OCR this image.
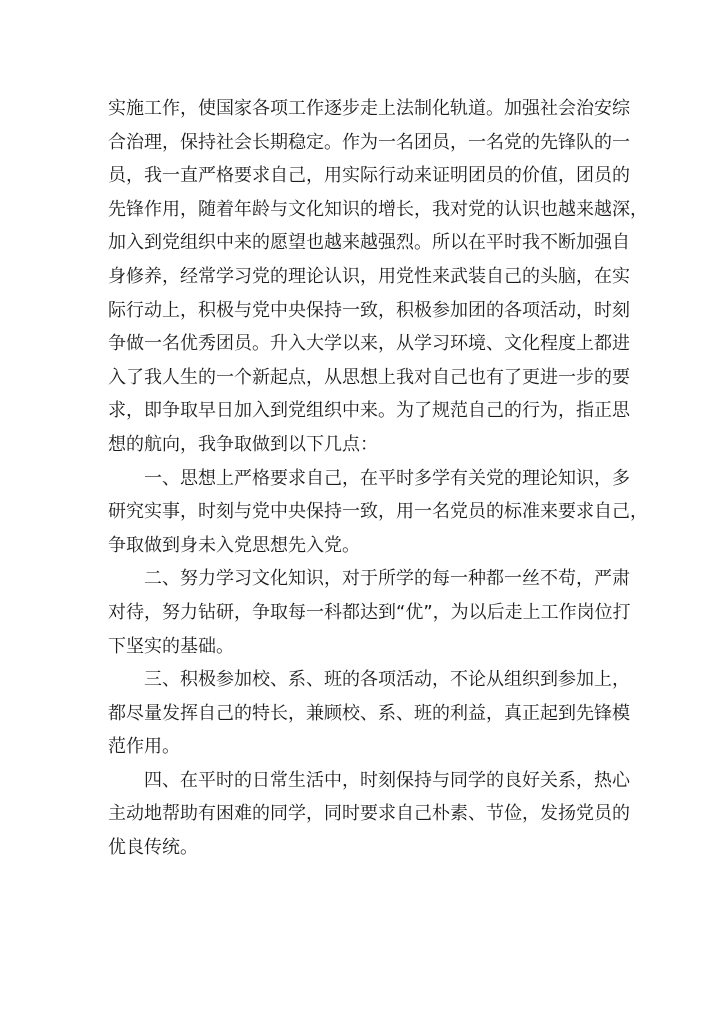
实施工作，使国家各项工作逐步走上法制化轨道。加强社会治安综
合治理，保持社会长期稳定。作为一名团员，一名党的先锋队的一
员，我一直严格要求自己，用实际行动来证明团员的价值，团员的
先锋作用，随着年龄与文化知识的增长，我对党的认识也越来越深，
加入到党组织中来的愿望也越来越强烈。所以在平时我不断加强自
身修养，经常学习党的理论认识，用党性来武装自己的头脑，在实
际行动上，积极与党中央保持一致，积极参加团的各项活动，时刻
争做一名优秀团员。升入大学以来，从学习环境、文化程度上都进
入了我人生的一个新起点，从思想上我对自己也有了更进一步的要
求，即争取早日加入到党组织中来。为了规范自己的行为，指正思
想的航向，我争取做到以下几点：
一、思想上严格要求自己，在平时多学有关党的理论知识，多
研究实事，时刻与党中央保持一致，用一名党员的标准来要求自己，
争取做到身未入党思想先入党。
二、努力学习文化知识，对于所学的每一种都一丝不苟，严肃
对待，努力钻研，争取每一科都达到“优”，为以后走上工作岗位打
下坚实的基础。
三、积极参加校、系、班的各项活动，不论从组织到参加上，
都尽量发挥自己的特长，兼顾校、系、班的利益，真正起到先锋模
范作用。
四、在平时的日常生活中，时刻保持与同学的良好关系，热心
主动地帮助有困难的同学，同时要求自己朴素、节俭，发扬党员的
优良传统。
